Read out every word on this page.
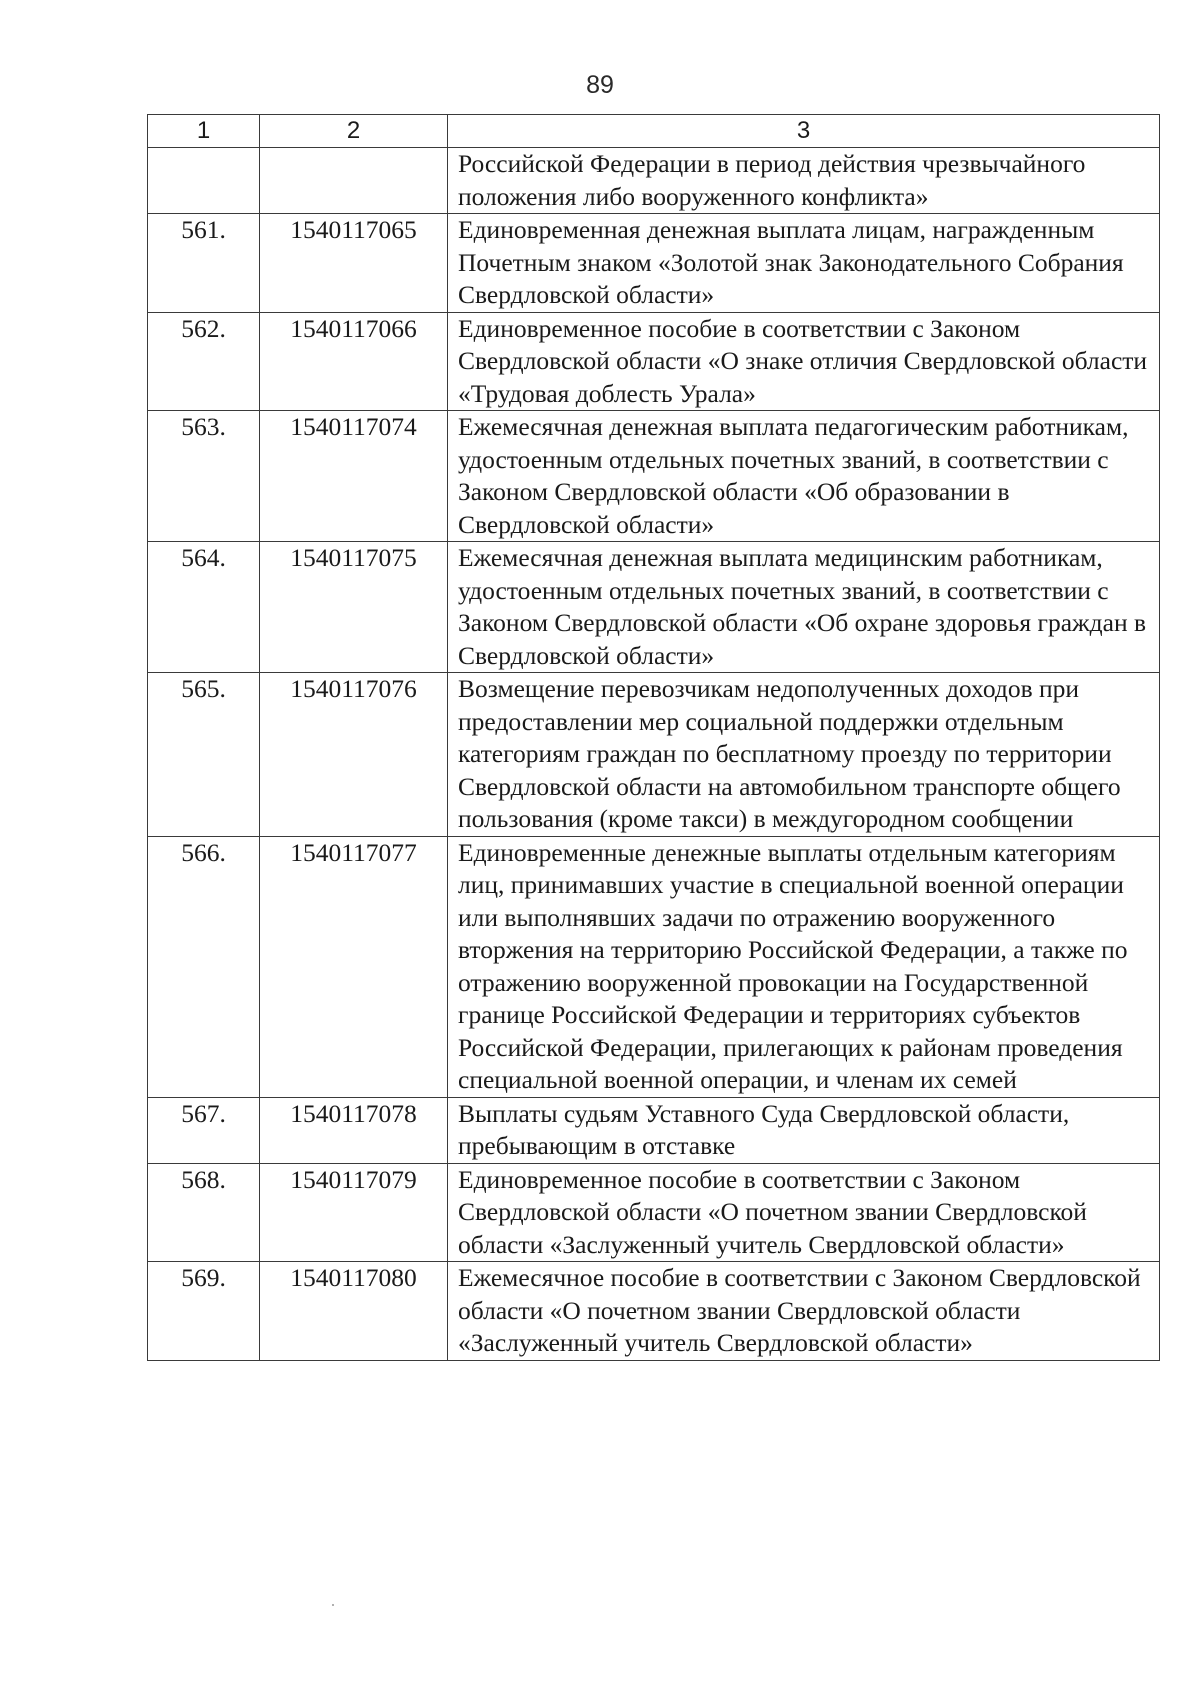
89
1	2	3
		Российской Федерации в период действия чрезвычайного положения либо вооруженного конфликта»
561.	1540117065	Единовременная денежная выплата лицам, награжденным Почетным знаком «Золотой знак Законодательного Собрания Свердловской области»
562.	1540117066	Единовременное пособие в соответствии с Законом Свердловской области «О знаке отличия Свердловской области «Трудовая доблесть Урала»
563.	1540117074	Ежемесячная денежная выплата педагогическим работникам, удостоенным отдельных почетных званий, в соответствии с Законом Свердловской области «Об образовании в Свердловской области»
564.	1540117075	Ежемесячная денежная выплата медицинским работникам, удостоенным отдельных почетных званий, в соответствии с Законом Свердловской области «Об охране здоровья граждан в Свердловской области»
565.	1540117076	Возмещение перевозчикам недополученных доходов при предоставлении мер социальной поддержки отдельным категориям граждан по бесплатному проезду по территории Свердловской области на автомобильном транспорте общего пользования (кроме такси) в междугородном сообщении
566.	1540117077	Единовременные денежные выплаты отдельным категориям лиц, принимавших участие в специальной военной операции или выполнявших задачи по отражению вооруженного вторжения на территорию Российской Федерации, а также по отражению вооруженной провокации на Государственной границе Российской Федерации и территориях субъектов Российской Федерации, прилегающих к районам проведения специальной военной операции, и членам их семей
567.	1540117078	Выплаты судьям Уставного Суда Свердловской области, пребывающим в отставке
568.	1540117079	Единовременное пособие в соответствии с Законом Свердловской области «О почетном звании Свердловской области «Заслуженный учитель Свердловской области»
569.	1540117080	Ежемесячное пособие в соответствии с Законом Свердловской области «О почетном звании Свердловской области «Заслуженный учитель Свердловской области»
